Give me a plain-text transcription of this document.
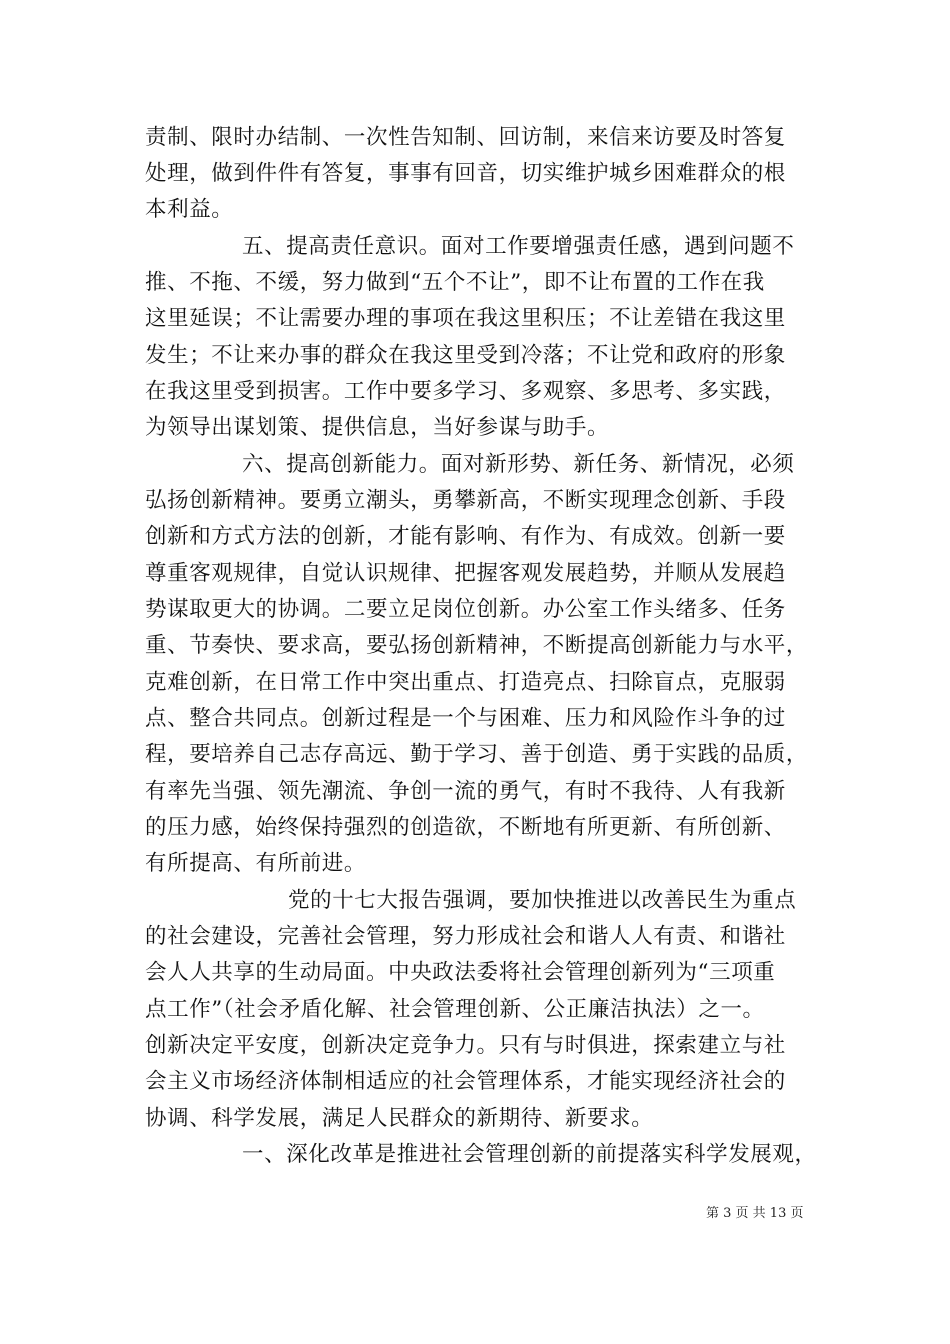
责制、限时办结制、一次性告知制、回访制，来信来访要及时答复
处理，做到件件有答复，事事有回音，切实维护城乡困难群众的根
本利益。
五、提高责任意识。面对工作要增强责任感，遇到问题不
推、不拖、不缓，努力做到“五个不让”，即不让布置的工作在我
这里延误；不让需要办理的事项在我这里积压；不让差错在我这里
发生；不让来办事的群众在我这里受到冷落；不让党和政府的形象
在我这里受到损害。工作中要多学习、多观察、多思考、多实践，
为领导出谋划策、提供信息，当好参谋与助手。
六、提高创新能力。面对新形势、新任务、新情况，必须
弘扬创新精神。要勇立潮头，勇攀新高，不断实现理念创新、手段
创新和方式方法的创新，才能有影响、有作为、有成效。创新一要
尊重客观规律，自觉认识规律、把握客观发展趋势，并顺从发展趋
势谋取更大的协调。二要立足岗位创新。办公室工作头绪多、任务
重、节奏快、要求高，要弘扬创新精神，不断提高创新能力与水平，
克难创新，在日常工作中突出重点、打造亮点、扫除盲点，克服弱
点、整合共同点。创新过程是一个与困难、压力和风险作斗争的过
程，要培养自己志存高远、勤于学习、善于创造、勇于实践的品质，
有率先当强、领先潮流、争创一流的勇气，有时不我待、人有我新
的压力感，始终保持强烈的创造欲，不断地有所更新、有所创新、
有所提高、有所前进。
党的十七大报告强调，要加快推进以改善民生为重点
的社会建设，完善社会管理，努力形成社会和谐人人有责、和谐社
会人人共享的生动局面。中央政法委将社会管理创新列为“三项重
点工作”（社会矛盾化解、社会管理创新、公正廉洁执法）之一。
创新决定平安度，创新决定竞争力。只有与时俱进，探索建立与社
会主义市场经济体制相适应的社会管理体系，才能实现经济社会的
协调、科学发展，满足人民群众的新期待、新要求。
一、深化改革是推进社会管理创新的前提落实科学发展观，
第 3 页 共 13 页
